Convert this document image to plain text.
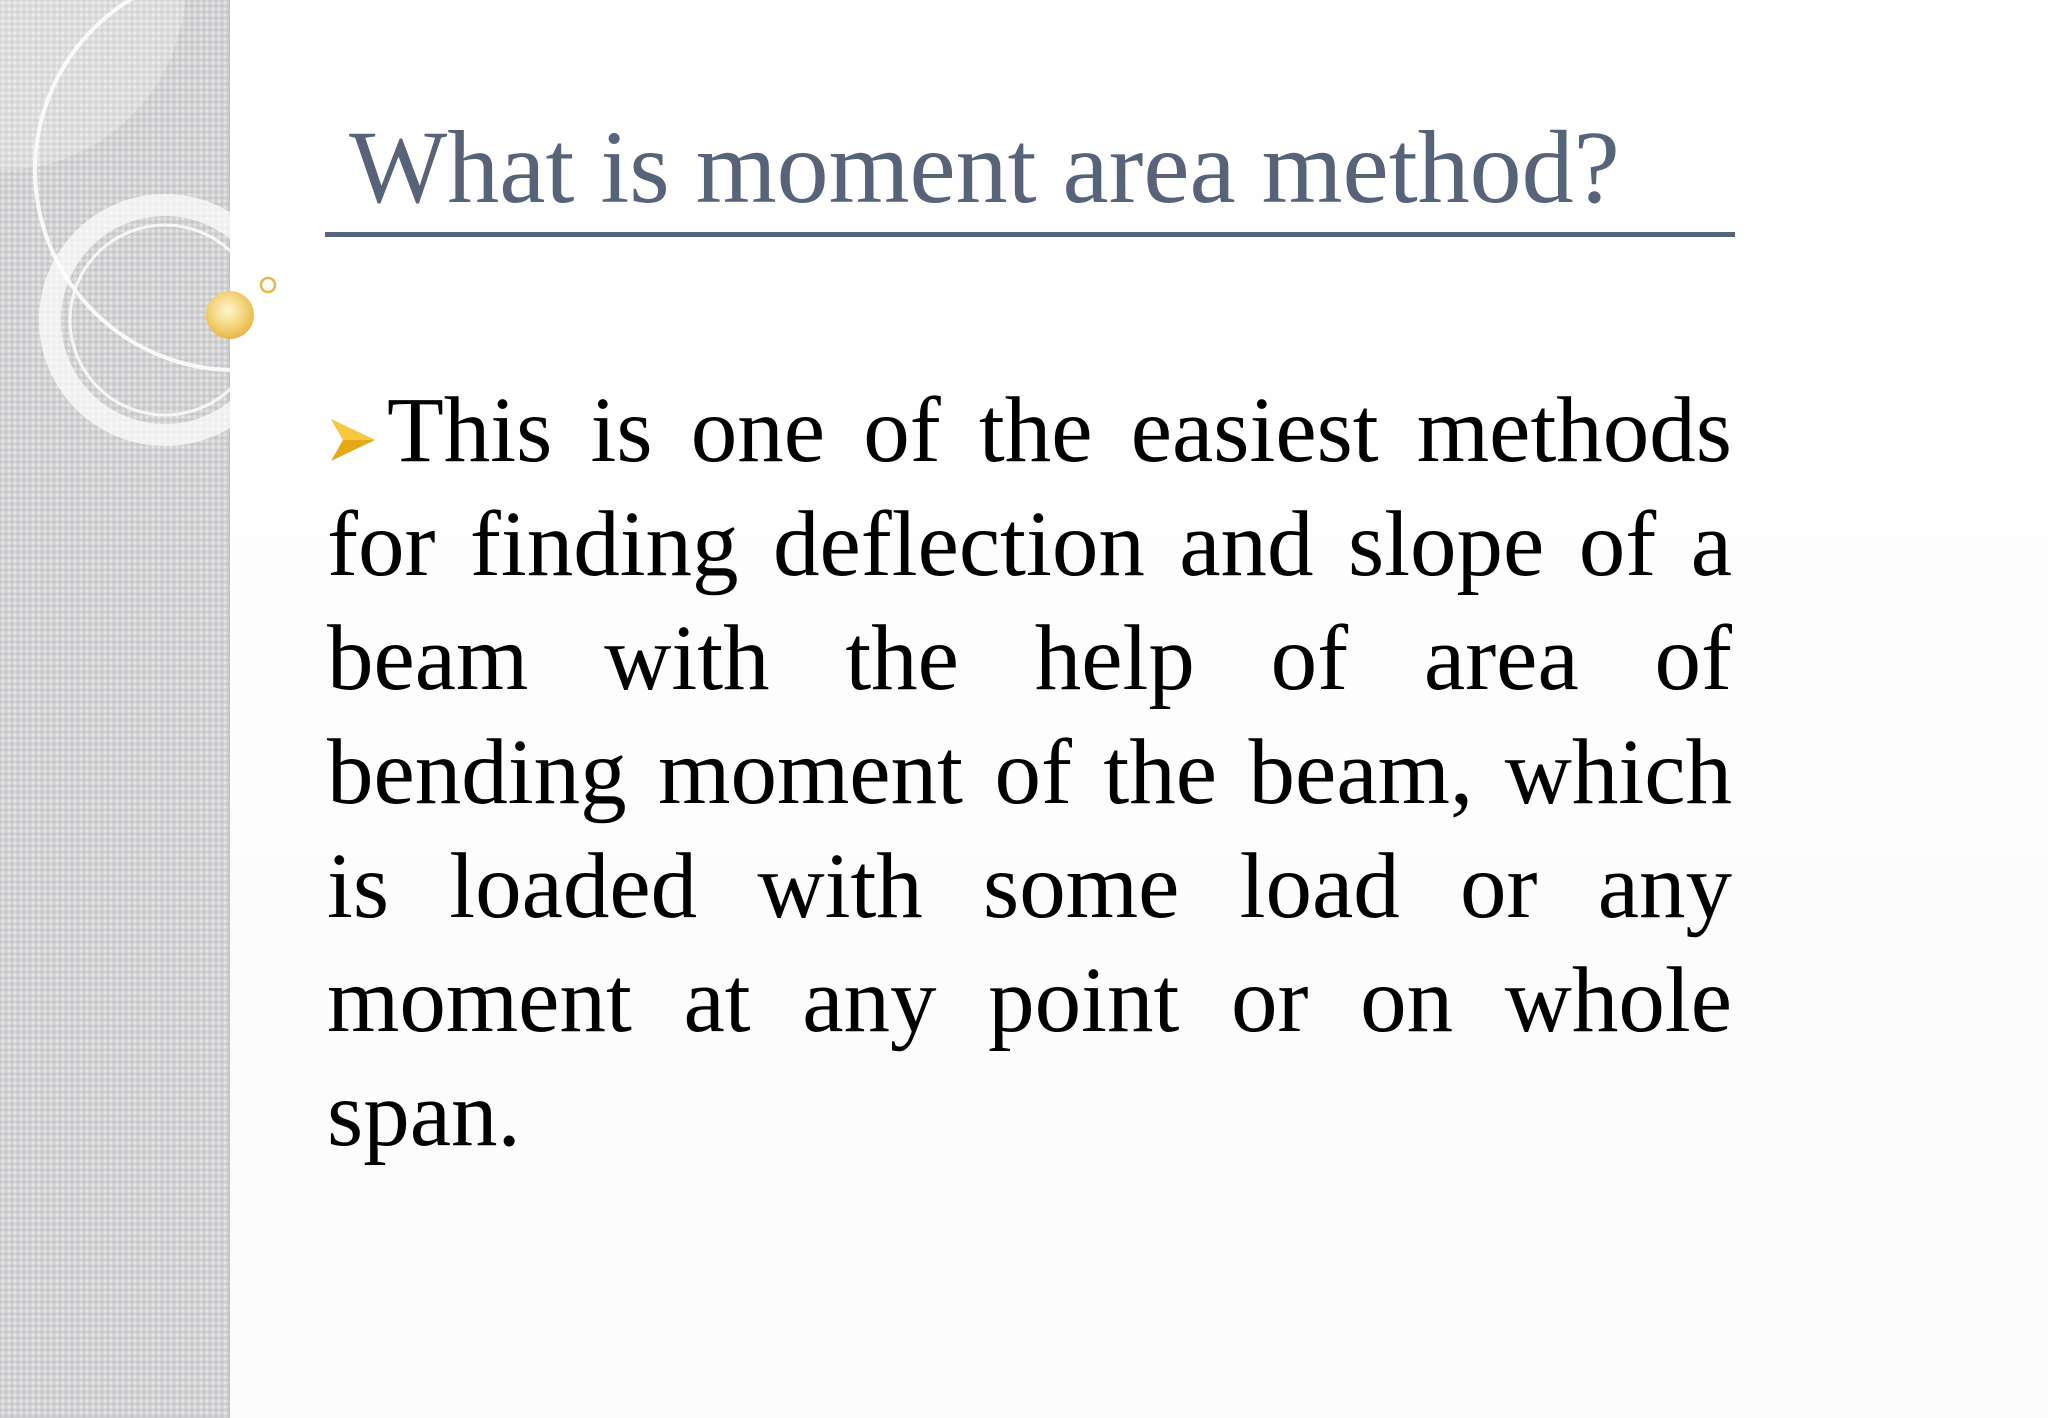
What is moment area method?

This is one of the easiest methods for finding deflection and slope of a beam with the help of area of bending moment of the beam, which is loaded with some load or any moment at any point or on whole span.
